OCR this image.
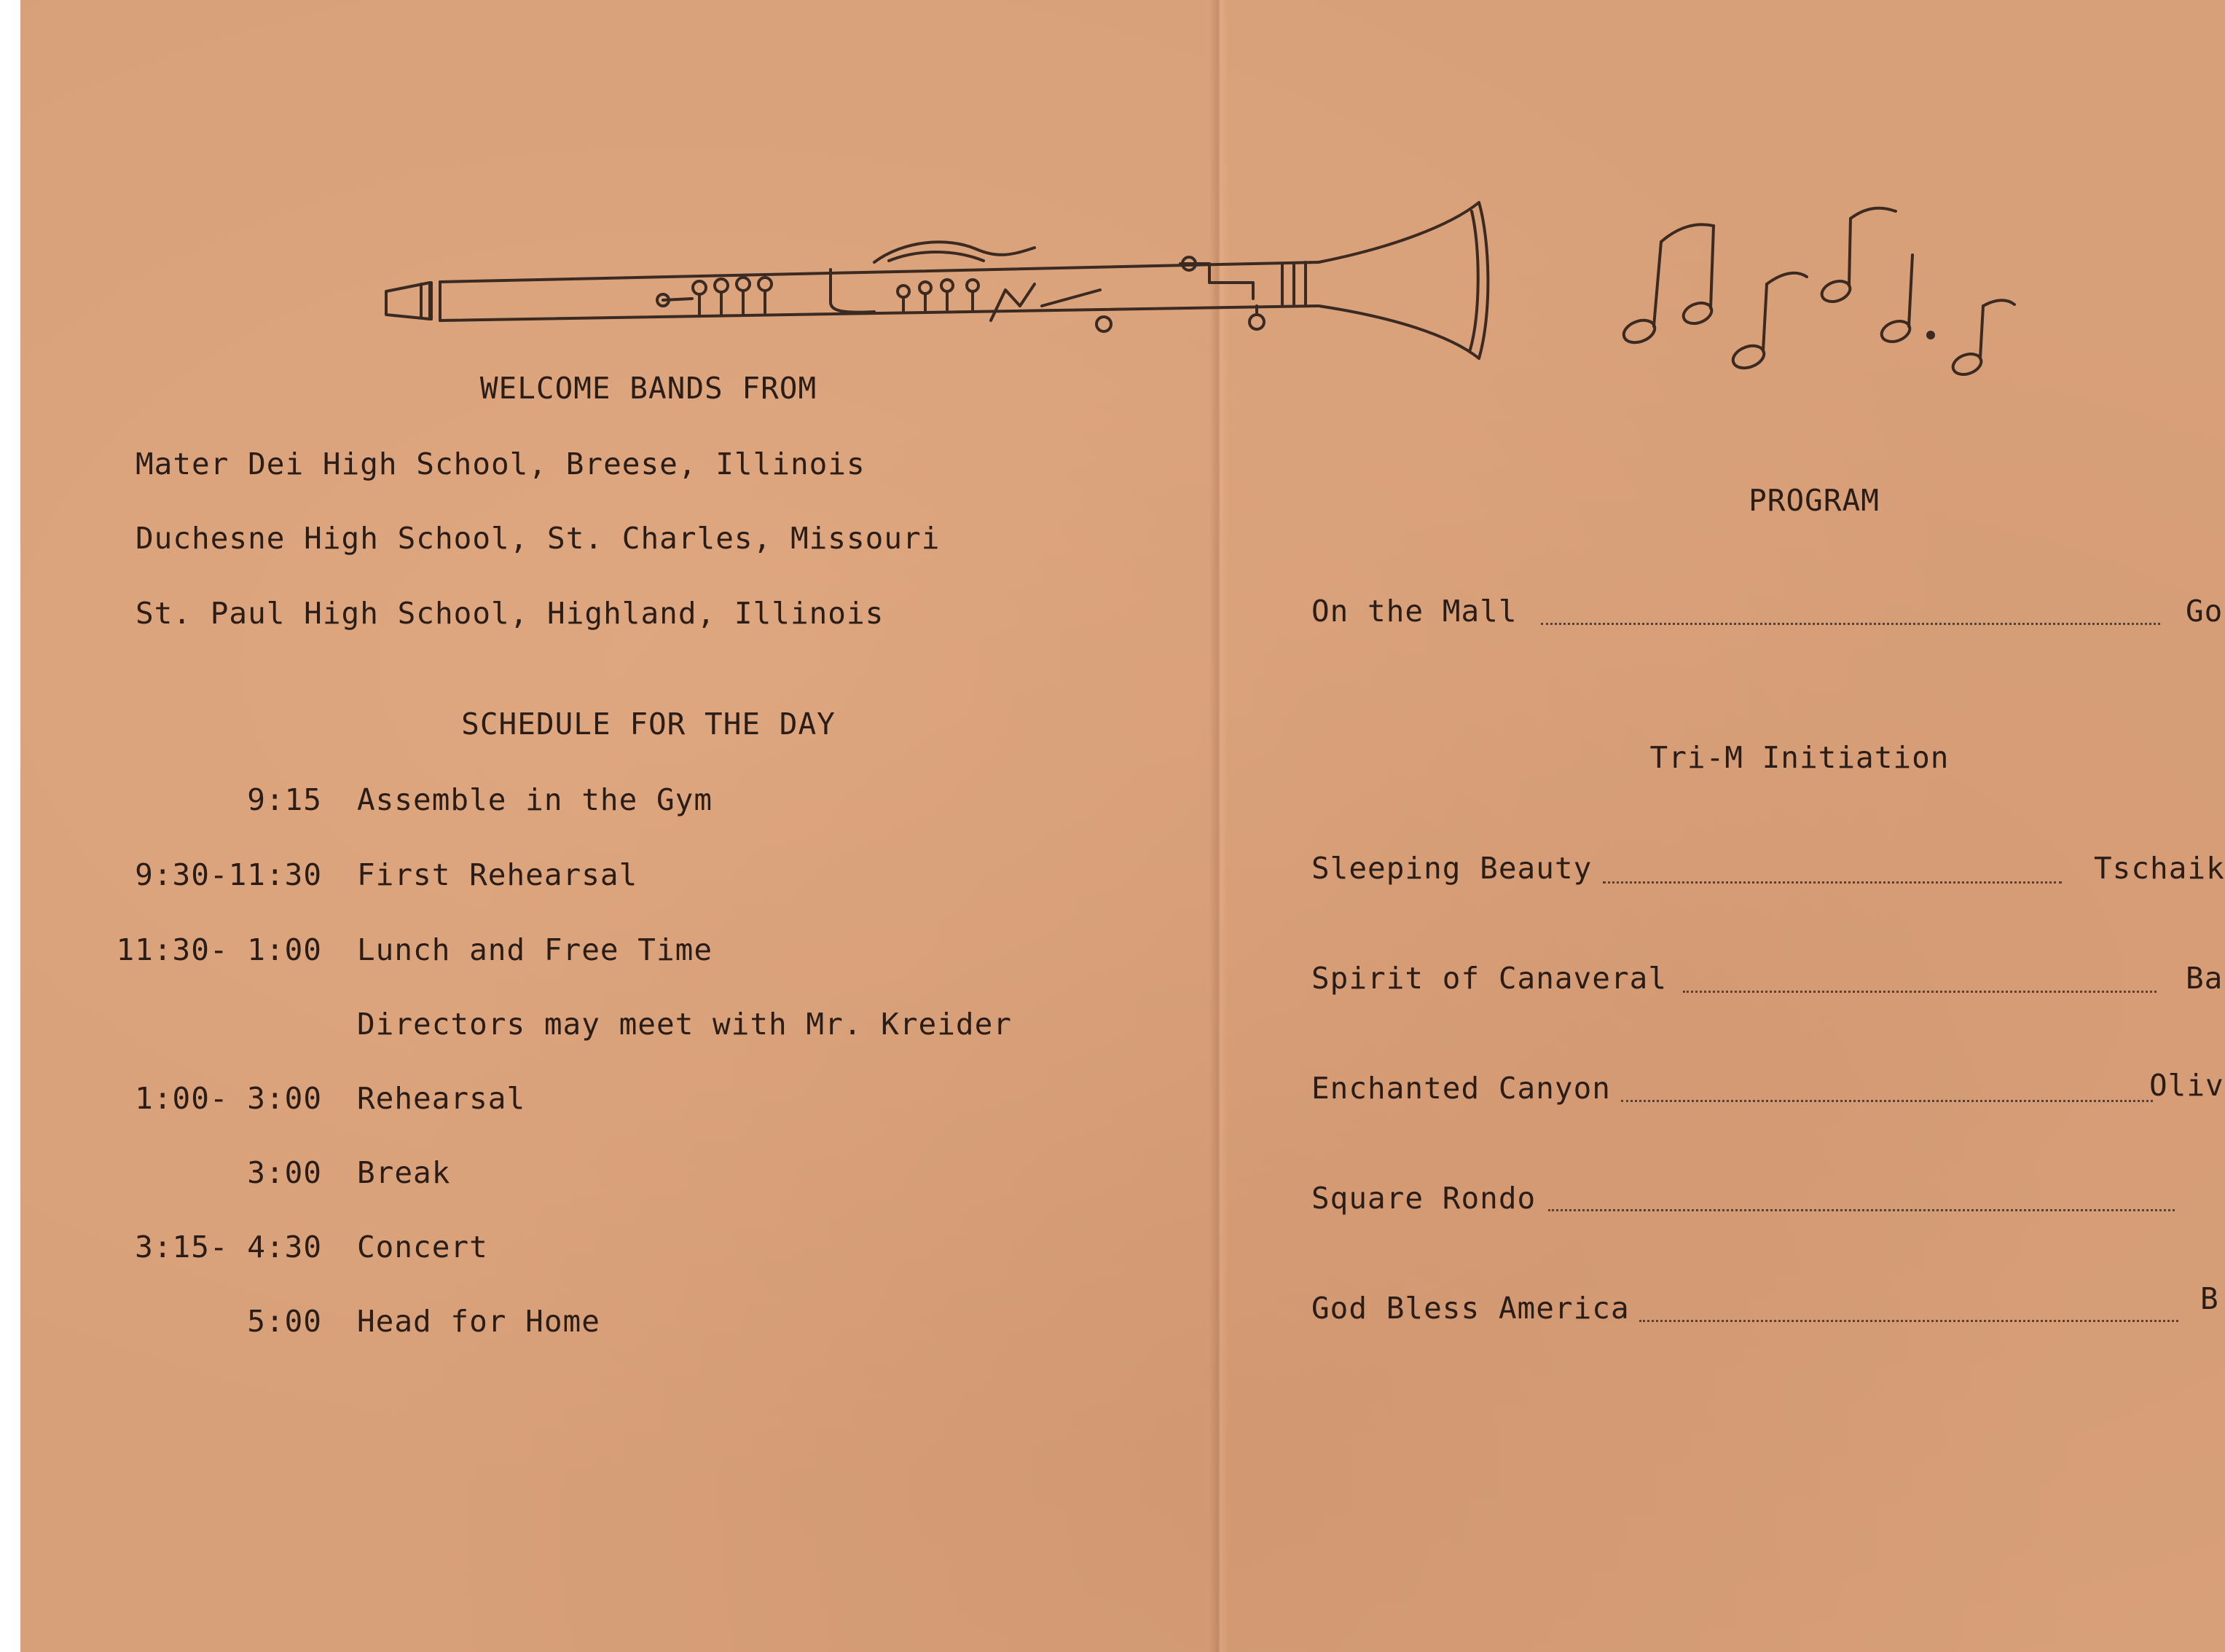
WELCOME BANDS FROM
Mater Dei High School, Breese, Illinois
Duchesne High School, St. Charles, Missouri
St. Paul High School, Highland, Illinois
SCHEDULE FOR THE DAY
9:15 Assemble in the Gym
9:30-11:30 First Rehearsal
11:30- 1:00 Lunch and Free Time
Directors may meet with Mr. Kreider
1:00- 3:00 Rehearsal
3:00 Break
3:15- 4:30 Concert
5:00 Head for Home
PROGRAM
On the Mall	Go
Tri-M Initiation
Sleeping Beauty	Tschaik
Spirit of Canaveral	Ba
Enchanted Canyon	Oliv
Square Rondo
God Bless America	B
